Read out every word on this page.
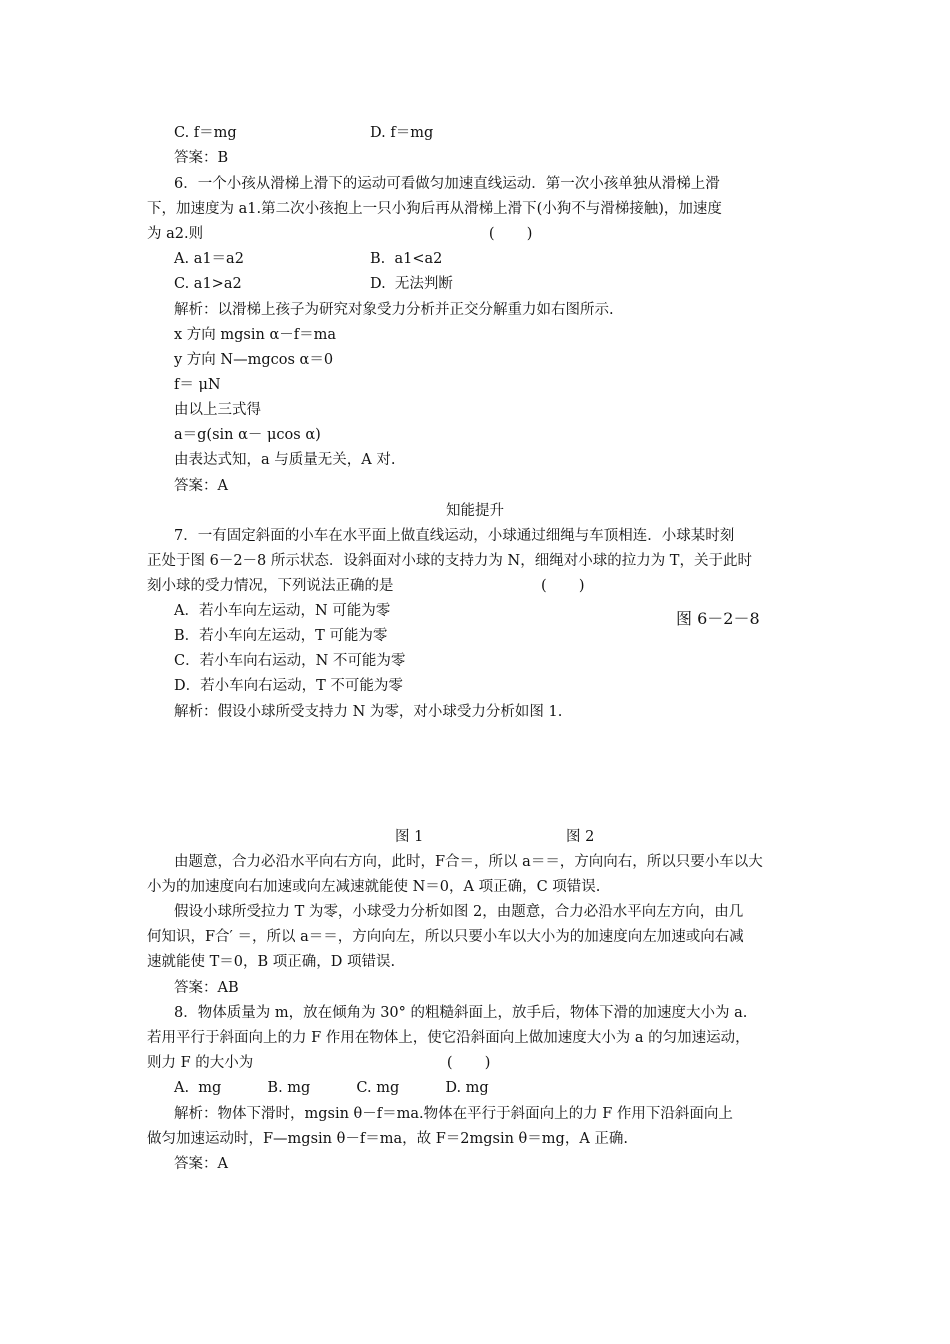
C. f＝mg	D. f＝mg
答案：B
6．一个小孩从滑梯上滑下的运动可看做匀加速直线运动．第一次小孩单独从滑梯上滑
下，加速度为 a1.第二次小孩抱上一只小狗后再从滑梯上滑下(小狗不与滑梯接触)，加速度
为 a2.则                                                              (       )
A. a1＝a2	B.  a1<a2
C. a1>a2	D.  无法判断
解析：以滑梯上孩子为研究对象受力分析并正交分解重力如右图所示.
x 方向 mgsin α－f＝ma
y 方向 N—mgcos α＝0
f＝ μN
由以上三式得
a＝g(sin α－ μcos α)
由表达式知，a 与质量无关，A 对.
答案：A
知能提升
7．一有固定斜面的小车在水平面上做直线运动，小球通过细绳与车顶相连．小球某时刻
正处于图 6－2－8 所示状态．设斜面对小球的支持力为 N，细绳对小球的拉力为 T，关于此时
刻小球的受力情况，下列说法正确的是                                (       )
A．若小车向左运动，N 可能为零	图 6－2－8
B．若小车向左运动，T 可能为零
C．若小车向右运动，N 不可能为零
D．若小车向右运动，T 不可能为零
解析：假设小球所受支持力 N 为零，对小球受力分析如图 1.
图 1	图 2
由题意，合力必沿水平向右方向，此时，F合＝，所以 a＝＝，方向向右，所以只要小车以大
小为的加速度向右加速或向左减速就能使 N＝0，A 项正确，C 项错误.
假设小球所受拉力 T 为零，小球受力分析如图 2，由题意，合力必沿水平向左方向，由几
何知识，F合′ ＝，所以 a＝＝，方向向左，所以只要小车以大小为的加速度向左加速或向右减
速就能使 T＝0，B 项正确，D 项错误.
答案：AB
8．物体质量为 m，放在倾角为 30° 的粗糙斜面上，放手后，物体下滑的加速度大小为 a.
若用平行于斜面向上的力 F 作用在物体上，使它沿斜面向上做加速度大小为 a 的匀加速运动，
则力 F 的大小为                                          (       )
A.  mg          B. mg          C. mg          D. mg
解析：物体下滑时，mgsin θ－f＝ma.物体在平行于斜面向上的力 F 作用下沿斜面向上
做匀加速运动时，F—mgsin θ－f＝ma，故 F＝2mgsin θ＝mg，A 正确.
答案：A
